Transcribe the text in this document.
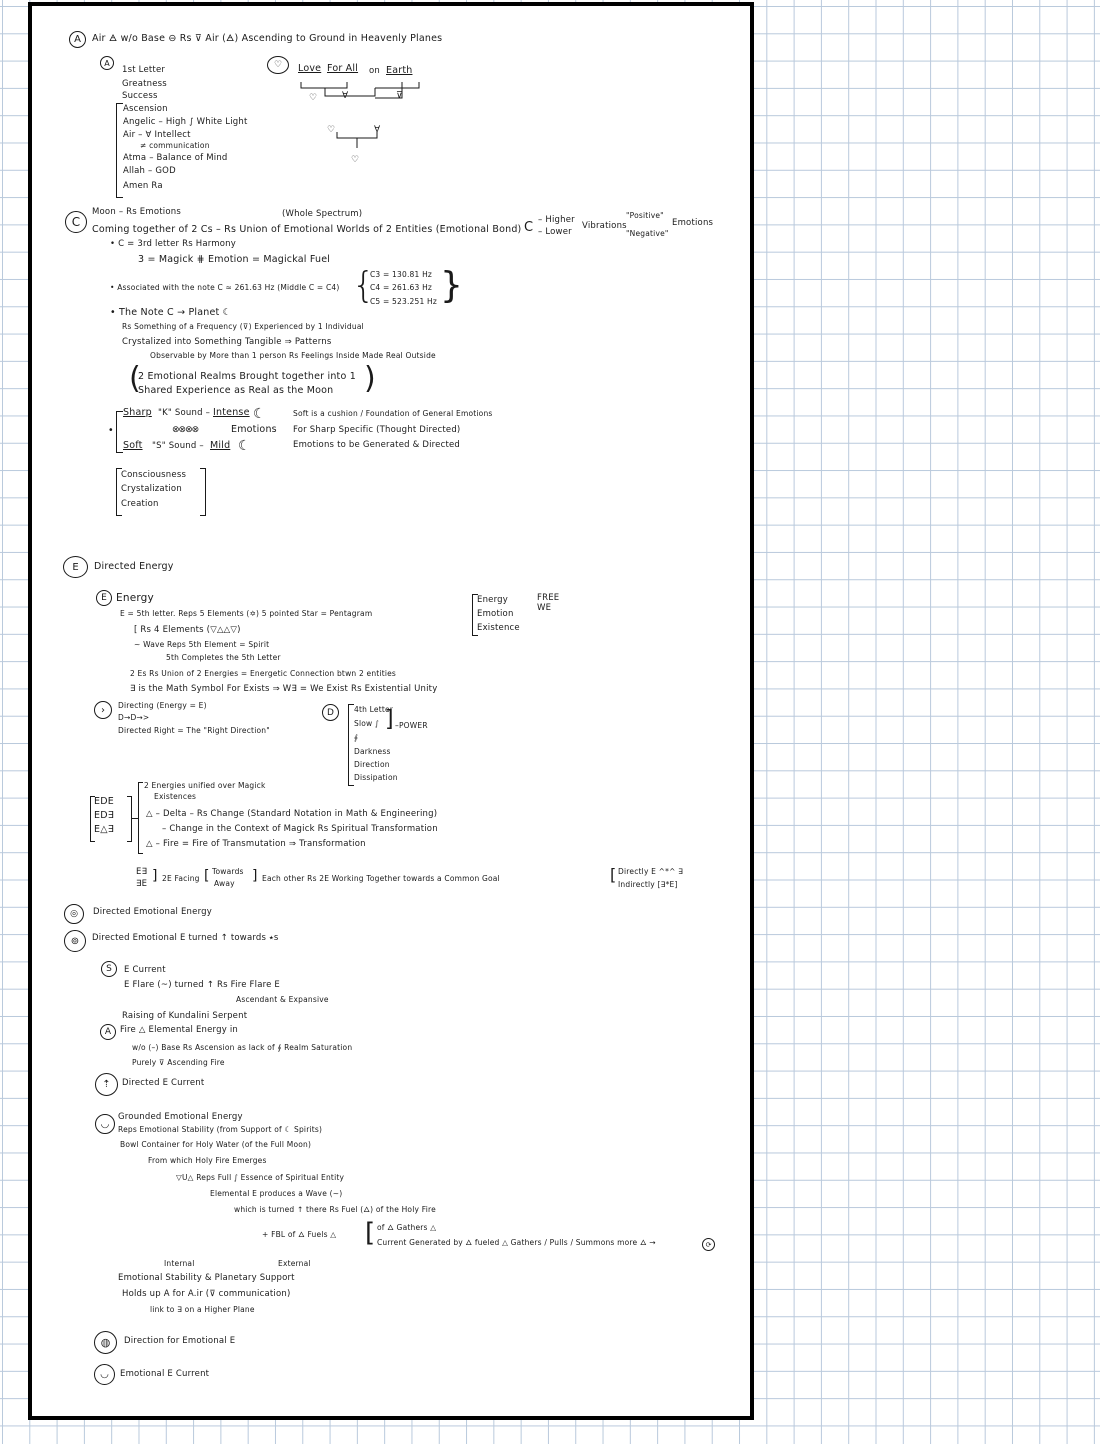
A Air 🜁 w/o Base ⊖ Rs ⊽ Air (🜁) Ascending to Ground in Heavenly Planes
A
1st Letter
Greatness
Success
Ascension
Angelic – High ∫ White Light
Air – ∀ Intellect
≠ communication
Atma – Balance of Mind
Allah – GOD
Amen Ra
♡	Love For All on Earth
♡	∀	⊽
♡	∀
♡
C
Moon – Rs Emotions	(Whole Spectrum)
Coming together of 2 Cs – Rs Union of Emotional Worlds of 2 Entities (Emotional Bond) C – Higher
– Lower
Vibrations
"Positive"
"Negative"
Emotions
• C = 3rd letter Rs Harmony
3 = Magick ⋕ Emotion = Magickal Fuel
• Associated with the note C ≈ 261.63 Hz (Middle C = C4) {
C3 = 130.81 Hz
C4 = 261.63 Hz
C5 = 523.251 Hz }
• The Note C → Planet ☾
Rs Something of a Frequency (⊽) Experienced by 1 Individual
Crystalized into Something Tangible ⇒ Patterns
Observable by More than 1 person Rs Feelings Inside Made Real Outside
(
2 Emotional Realms Brought together into 1
Shared Experience as Real as the Moon )
•
Sharp "K" Sound – Intense ☾
⊗⊗⊗⊗	Emotions
Soft "S" Sound – Mild ☾
Soft is a cushion / Foundation of General Emotions
For Sharp Specific (Thought Directed)
Emotions to be Generated & Directed
Consciousness
Crystalization
Creation
E Directed Energy
E Energy
E = 5th letter. Reps 5 Elements (✡) 5 pointed Star = Pentagram
[ Rs 4 Elements (▽△△▽)
~ Wave Reps 5th Element = Spirit
5th Completes the 5th Letter
2 Es Rs Union of 2 Energies = Energetic Connection btwn 2 entities
∃ is the Math Symbol For Exists ⇒ W∃ = We Exist Rs Existential Unity
Energy
Emotion
Existence
FREE
WE
›	Directing (Energy = E)
D→D→>
Directed Right = The "Right Direction"
D	4th Letter
Slow ∫
∮
] –POWER
Darkness
Direction
Dissipation
EDE
ED∃
E△∃
2 Energies unified over Magick
Existences
△ – Delta – Rs Change (Standard Notation in Math & Engineering)
– Change in the Context of Magick Rs Spiritual Transformation
△ – Fire = Fire of Transmutation ⇒ Transformation
E∃
∃E ] 2E Facing [ Towards
Away ] Each other Rs 2E Working Together towards a Common Goal	[ Directly E ^*^ ∃
Indirectly [∃*E]
◎	Directed Emotional Energy
⊚	Directed Emotional E turned ↑ towards ⭑s
S E Current
E Flare (~) turned ↑ Rs Fire Flare E
Ascendant & Expansive
Raising of Kundalini Serpent
A Fire △ Elemental Energy in
w/o (–) Base Rs Ascension as lack of ∮ Realm Saturation
Purely ⊽ Ascending Fire
⇡	Directed E Current
◡
Grounded Emotional Energy
Reps Emotional Stability (from Support of ☾ Spirits)
Bowl Container for Holy Water (of the Full Moon)
From which Holy Fire Emerges
▽U△ Reps Full ∫ Essence of Spiritual Entity
Elemental E produces a Wave (~)
which is turned ↑ there Rs Fuel (🜂) of the Holy Fire
+ FBL of 🜂 Fuels △ [ of 🜂 Gathers △
Current Generated by 🜂 fueled △ Gathers / Pulls / Summons more 🜂 →	⟳
Internal	External
Emotional Stability & Planetary Support
Holds up A for A.ir (⊽ communication)
link to ∃ on a Higher Plane
◍	Direction for Emotional E
◡	Emotional E Current
